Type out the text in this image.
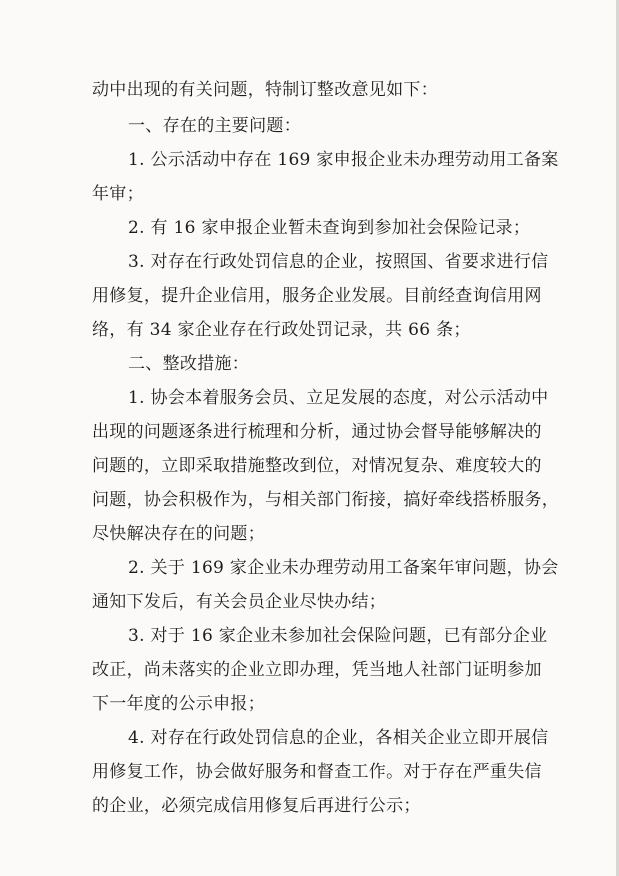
动中出现的有关问题，特制订整改意见如下：
一、存在的主要问题：
1. 公示活动中存在 169 家申报企业未办理劳动用工备案
年审；
2. 有 16 家申报企业暂未查询到参加社会保险记录；
3. 对存在行政处罚信息的企业，按照国、省要求进行信
用修复，提升企业信用，服务企业发展。目前经查询信用网
络，有 34 家企业存在行政处罚记录，共 66 条；
二、整改措施：
1. 协会本着服务会员、立足发展的态度，对公示活动中
出现的问题逐条进行梳理和分析，通过协会督导能够解决的
问题的，立即采取措施整改到位，对情况复杂、难度较大的
问题，协会积极作为，与相关部门衔接，搞好牵线搭桥服务，
尽快解决存在的问题；
2. 关于 169 家企业未办理劳动用工备案年审问题，协会
通知下发后，有关会员企业尽快办结；
3. 对于 16 家企业未参加社会保险问题，已有部分企业
改正，尚未落实的企业立即办理，凭当地人社部门证明参加
下一年度的公示申报；
4. 对存在行政处罚信息的企业，各相关企业立即开展信
用修复工作，协会做好服务和督查工作。对于存在严重失信
的企业，必须完成信用修复后再进行公示；
